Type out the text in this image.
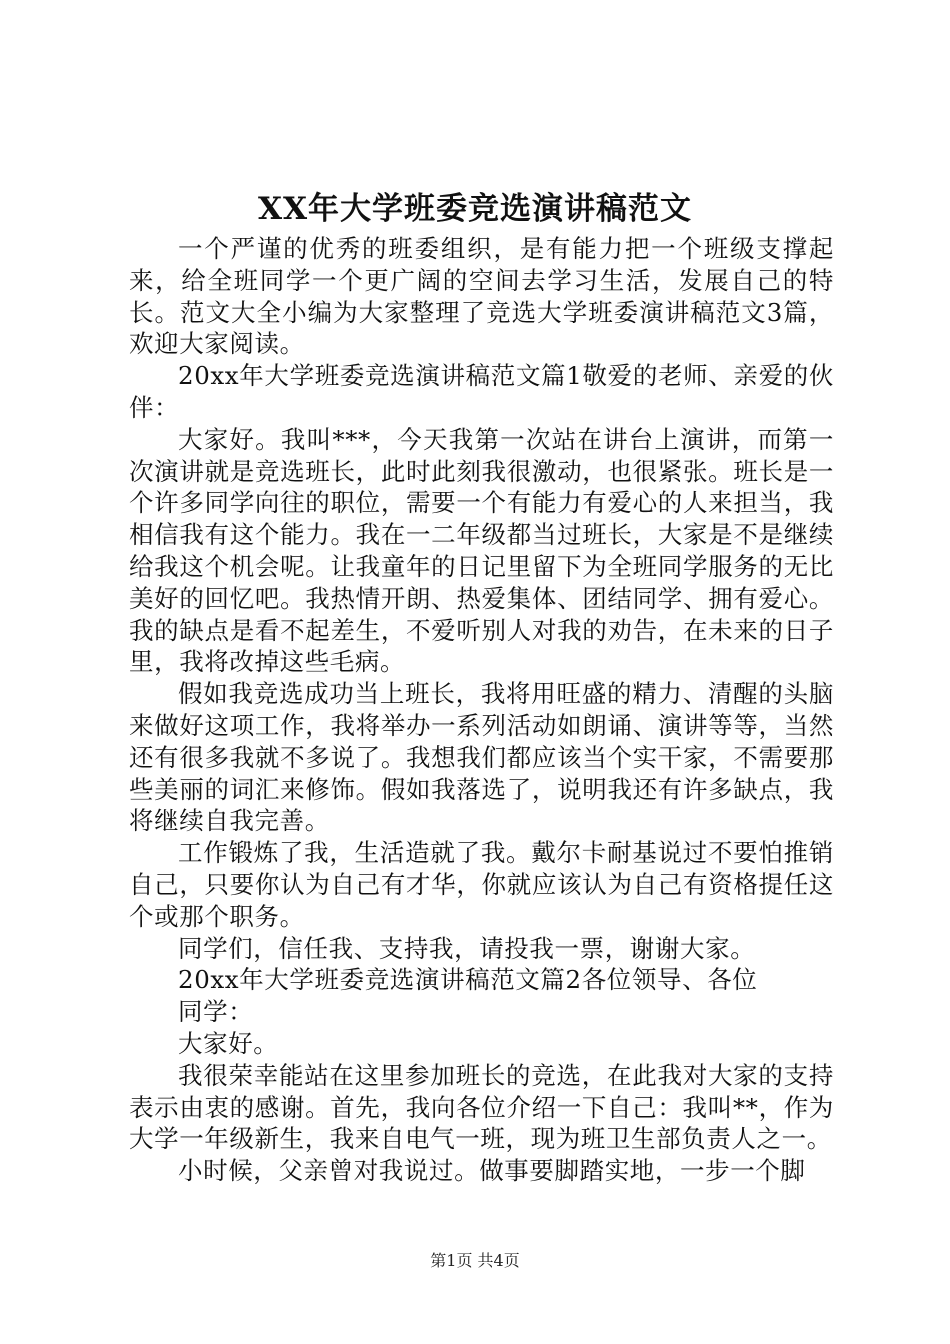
XX年大学班委竞选演讲稿范文

一个严谨的优秀的班委组织，是有能力把一个班级支撑起来，给全班同学一个更广阔的空间去学习生活，发展自己的特长。范文大全小编为大家整理了竞选大学班委演讲稿范文3篇，欢迎大家阅读。

20xx年大学班委竞选演讲稿范文篇1敬爱的老师、亲爱的伙伴：

大家好。我叫***，今天我第一次站在讲台上演讲，而第一次演讲就是竞选班长，此时此刻我很激动，也很紧张。班长是一个许多同学向往的职位，需要一个有能力有爱心的人来担当，我相信我有这个能力。我在一二年级都当过班长，大家是不是继续给我这个机会呢。让我童年的日记里留下为全班同学服务的无比美好的回忆吧。我热情开朗、热爱集体、团结同学、拥有爱心。我的缺点是看不起差生，不爱听别人对我的劝告，在未来的日子里，我将改掉这些毛病。

假如我竞选成功当上班长，我将用旺盛的精力、清醒的头脑来做好这项工作，我将举办一系列活动如朗诵、演讲等等，当然还有很多我就不多说了。我想我们都应该当个实干家，不需要那些美丽的词汇来修饰。假如我落选了，说明我还有许多缺点，我将继续自我完善。

工作锻炼了我，生活造就了我。戴尔卡耐基说过不要怕推销自己，只要你认为自己有才华，你就应该认为自己有资格提任这个或那个职务。

同学们，信任我、支持我，请投我一票，谢谢大家。

20xx年大学班委竞选演讲稿范文篇2各位领导、各位
同学：
大家好。

我很荣幸能站在这里参加班长的竞选，在此我对大家的支持表示由衷的感谢。首先，我向各位介绍一下自己：我叫**，作为大学一年级新生，我来自电气一班，现为班卫生部负责人之一。

小时候，父亲曾对我说过。做事要脚踏实地，一步一个脚

第1页 共4页
